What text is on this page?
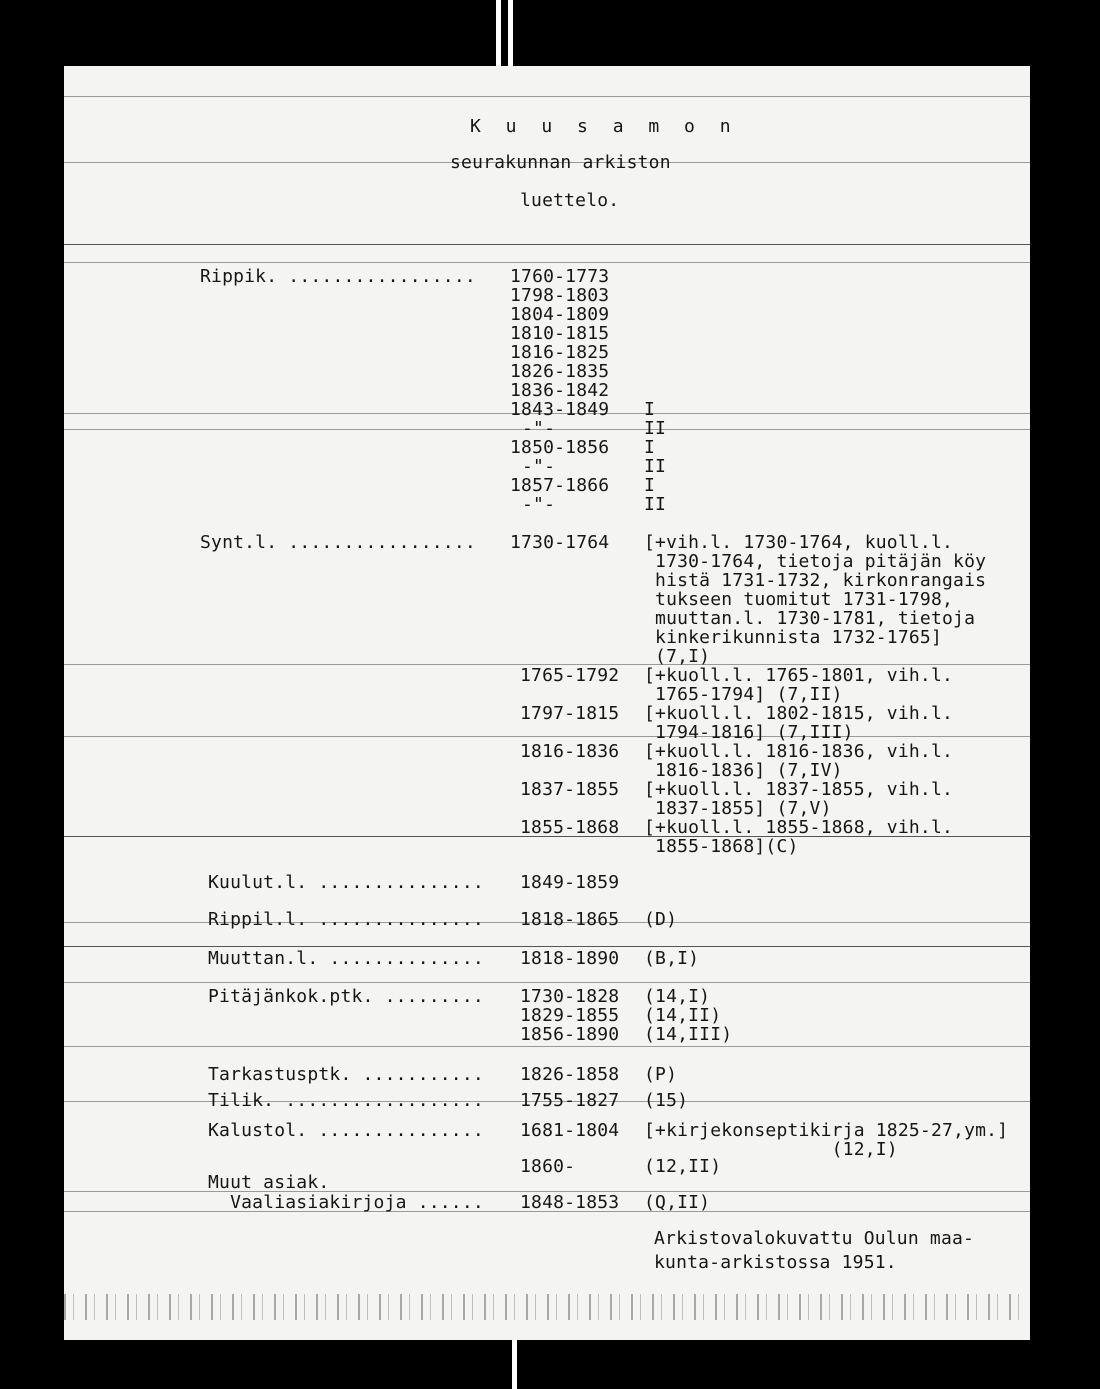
K u u s a m o n
seurakunnan arkiston
luettelo.
Rippik. ................. 1760-1773
1798-1803
1804-1809
1810-1815
1816-1825
1826-1835
1836-1842
1843-1849 I
-"-	II
1850-1856 I
-"-	II
1857-1866 I
-"-	II
Synt.l. ................. 1730-1764 [+vih.l. 1730-1764, kuoll.l.
1730-1764, tietoja pitäjän köy
histä 1731-1732, kirkonrangais
tukseen tuomitut 1731-1798,
muuttan.l. 1730-1781, tietoja
kinkerikunnista 1732-1765]
(7,I)
1765-1792 [+kuoll.l. 1765-1801, vih.l.
1765-1794] (7,II)
1797-1815 [+kuoll.l. 1802-1815, vih.l.
1794-1816] (7,III)
1816-1836 [+kuoll.l. 1816-1836, vih.l.
1816-1836] (7,IV)
1837-1855 [+kuoll.l. 1837-1855, vih.l.
1837-1855] (7,V)
1855-1868 [+kuoll.l. 1855-1868, vih.l.
1855-1868](C)
Kuulut.l. ............... 1849-1859
Rippil.l. ............... 1818-1865 (D)
Muuttan.l. .............. 1818-1890 (B,I)
Pitäjänkok.ptk. ......... 1730-1828 (14,I)
1829-1855 (14,II)
1856-1890 (14,III)
Tarkastusptk. ........... 1826-1858 (P)
Tilik. .................. 1755-1827 (15)
Kalustol. ............... 1681-1804 [+kirjekonseptikirja 1825-27,ym.]
(12,I)
1860-	(12,II)
Muut asiak.
Vaaliasiakirjoja ...... 1848-1853 (Q,II)
Arkistovalokuvattu Oulun maa-
kunta-arkistossa 1951.
